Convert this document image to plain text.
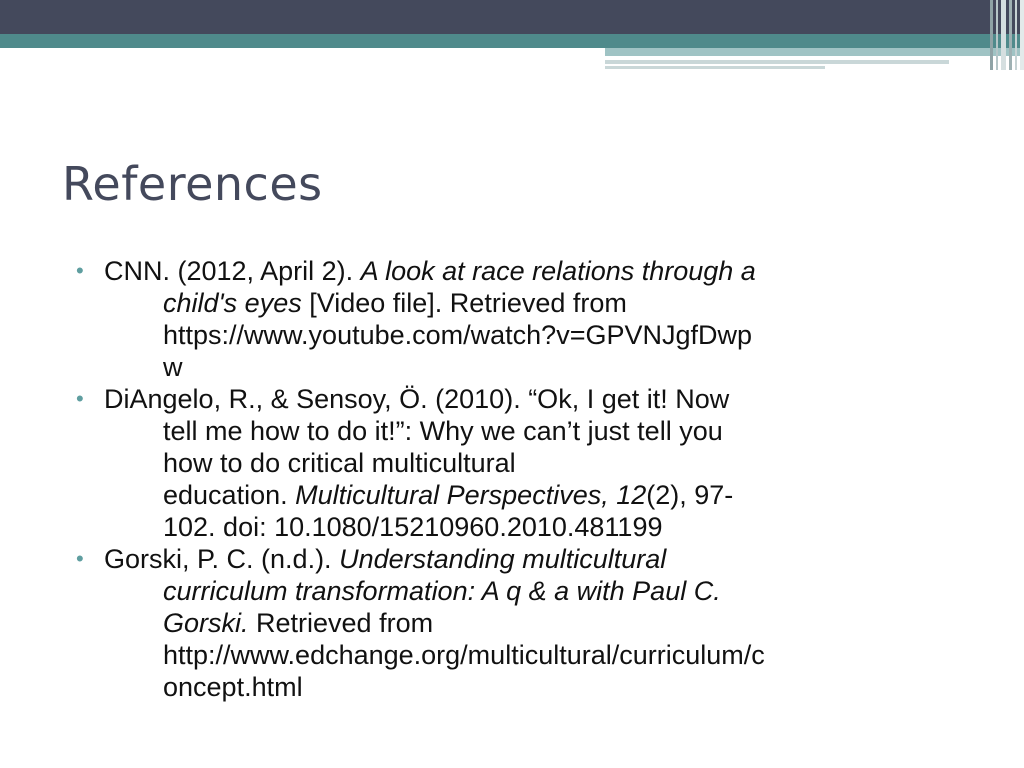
References
• CNN. (2012, April 2). A look at race relations through a
child's eyes [Video file]. Retrieved from
https://www.youtube.com/watch?v=GPVNJgfDwp
w
• DiAngelo, R., & Sensoy, Ö. (2010). “Ok, I get it! Now
tell me how to do it!”: Why we can’t just tell you
how to do critical multicultural
education. Multicultural Perspectives, 12(2), 97-
102. doi: 10.1080/15210960.2010.481199
• Gorski, P. C. (n.d.). Understanding multicultural
curriculum transformation: A q & a with Paul C.
Gorski. Retrieved from
http://www.edchange.org/multicultural/curriculum/c
oncept.html
